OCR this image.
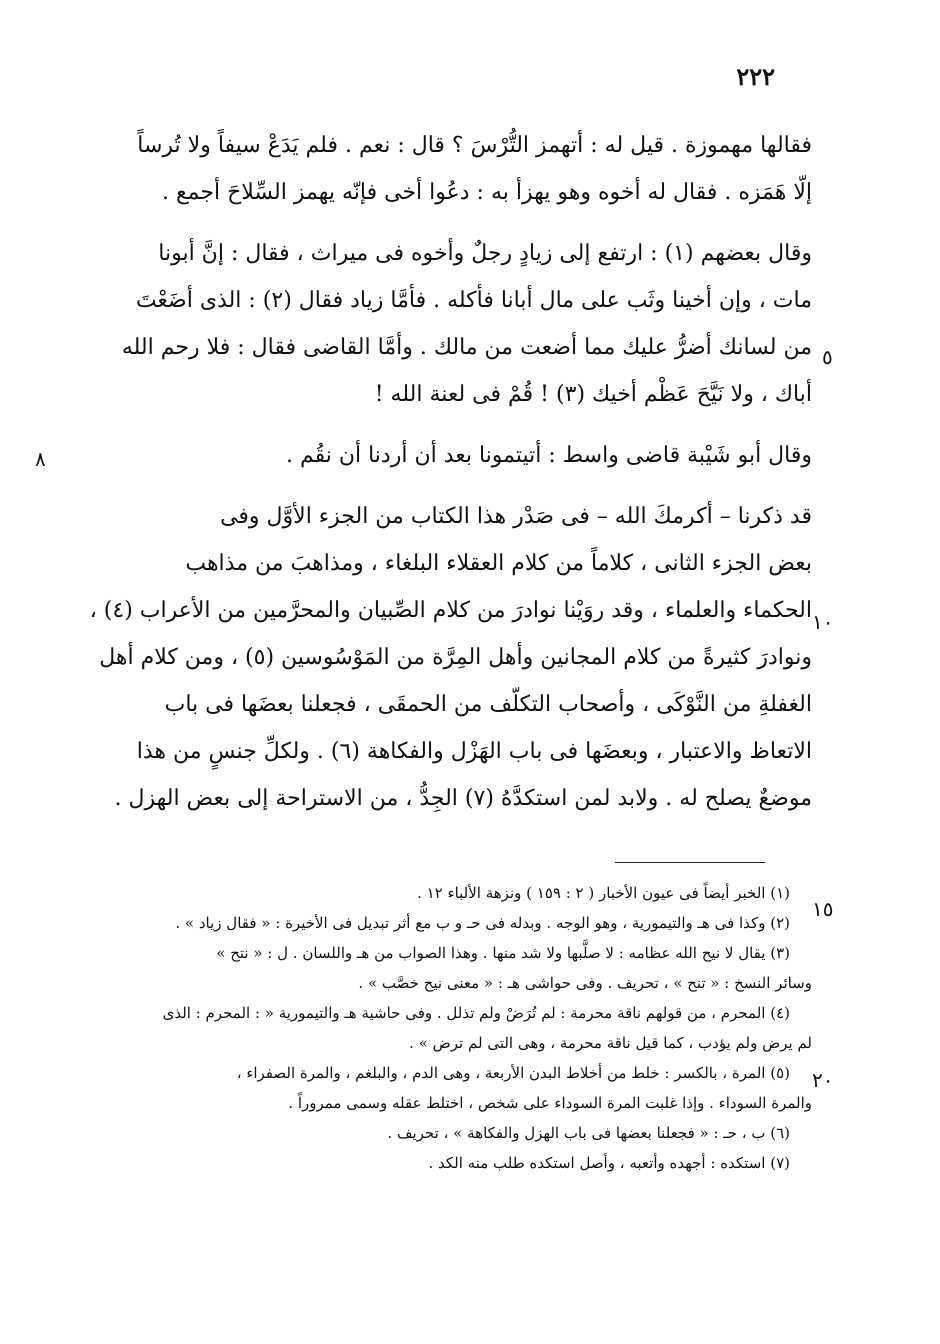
٢٢٢
فقالها مهموزة . قيل له : أتهمز التُّرْسَ ؟ قال : نعم . فلم يَدَعْ سيفاً ولا تُرساً
إلّا هَمَزه . فقال له أخوه وهو يهزأ به : دعُوا أخى فإنّه يهمز السِّلاحَ أجمع .
وقال بعضهم (١) : ارتفع إلى زيادٍ رجلٌ وأخوه فى ميراث ، فقال : إنَّ أبونا
مات ، وإن أخينا وثَب على مال أبانا فأكله . فأمَّا زياد فقال (٢) : الذى أضَعْتَ
من لسانك أضرُّ عليك مما أضعت من مالك . وأمَّا القاضى فقال : فلا رحم الله
أباك ، ولا نَيَّحَ عَظْم أخيك (٣) ! قُمْ فى لعنة الله !
وقال أبو شَيْبة قاضى واسط : أتيتمونا بعد أن أردنا أن نقُم .
قد ذكرنا – أكرمكَ الله – فى صَدْر هذا الكتاب من الجزء الأوَّل وفى
بعض الجزء الثانى ، كلاماً من كلام العقلاء البلغاء ، ومذاهبَ من مذاهب
الحكماء والعلماء ، وقد روَيْنا نوادرَ من كلام الصِّبيان والمحرَّمين من الأعراب (٤) ،
ونوادرَ كثيرةً من كلام المجانين وأهل المِرَّة من المَوْسُوسين (٥) ، ومن كلام أهل
الغفلةِ من النَّوْكَى ، وأصحاب التكلّف من الحمقَى ، فجعلنا بعضَها فى باب
الاتعاظ والاعتبار ، وبعضَها فى باب الهَزْل والفكاهة (٦) . ولكلِّ جنسٍ من هذا
موضعٌ يصلح له . ولابد لمن استكدَّهُ (٧) الجِدُّ ، من الاستراحة إلى بعض الهزل .
٥
٨
١٠
١٥
٢٠
(١) الخبر أيضاً فى عيون الأخبار ( ٢ : ١٥٩ ) ونزهة الألباء ١٢ .
(٢) وكذا فى هـ والتيمورية ، وهو الوجه . وبدله فى حـ و ب مع أثر تبديل فى الأخيرة : « فقال زياد » .
(٣) يقال لا نيح الله عظامه : لا صلَّبها ولا شد منها . وهذا الصواب من هـ واللسان . ل : « نتح »
وسائر النسخ : « تنح » ، تحريف . وفى حواشى هـ : « معنى نيح خصَّب » .
(٤) المحرم ، من قولهم ناقة محرمة : لم تُرَضْ ولم تذلل . وفى حاشية هـ والتيمورية « : المحرم : الذى
لم يرض ولم يؤدب ، كما قيل ناقة محرمة ، وهى التى لم ترض » .
(٥) المرة ، بالكسر : خلط من أخلاط البدن الأربعة ، وهى الدم ، والبلغم ، والمرة الصفراء ،
والمرة السوداء . وإذا غلبت المرة السوداء على شخص ، اختلط عقله وسمى ممروراً .
(٦) ب ، حـ : « فجعلنا بعضها فى باب الهزل والفكاهة » ، تحريف .
(٧) استكده : أجهده وأتعبه ، وأصل استكده طلب منه الكد .
